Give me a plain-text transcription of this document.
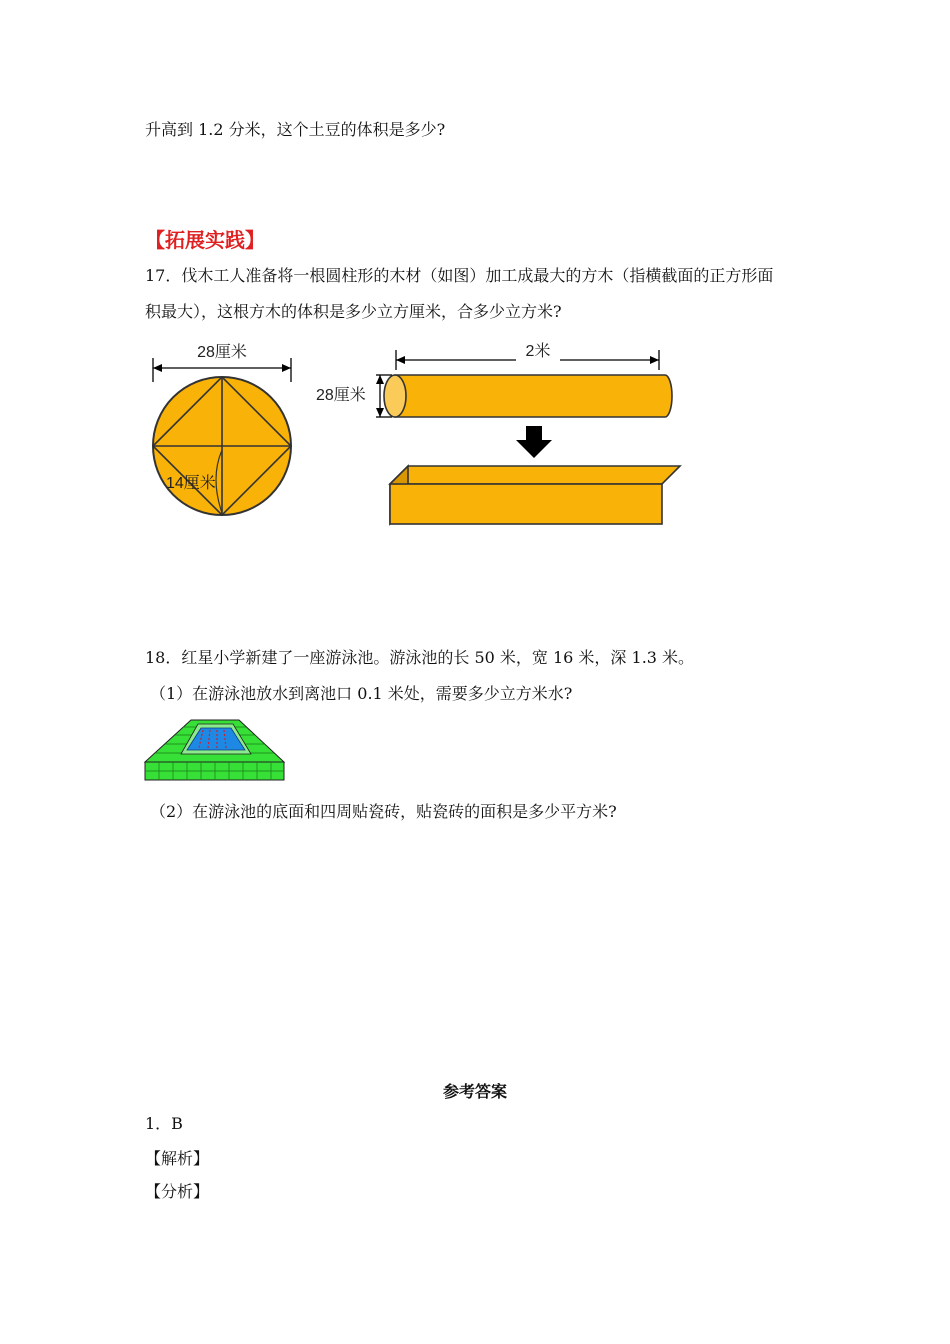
升高到 1.2 分米，这个土豆的体积是多少?
【拓展实践】
17．伐木工人准备将一根圆柱形的木材（如图）加工成最大的方木（指横截面的正方形面
积最大），这根方木的体积是多少立方厘米，合多少立方米?
28厘米
14厘米
2米
28厘米
18．红星小学新建了一座游泳池。游泳池的长 50 米，宽 16 米，深 1.3 米。
（1）在游泳池放水到离池口 0.1 米处，需要多少立方米水?
（2）在游泳池的底面和四周贴瓷砖，贴瓷砖的面积是多少平方米?
参考答案
1．B
【解析】
【分析】
